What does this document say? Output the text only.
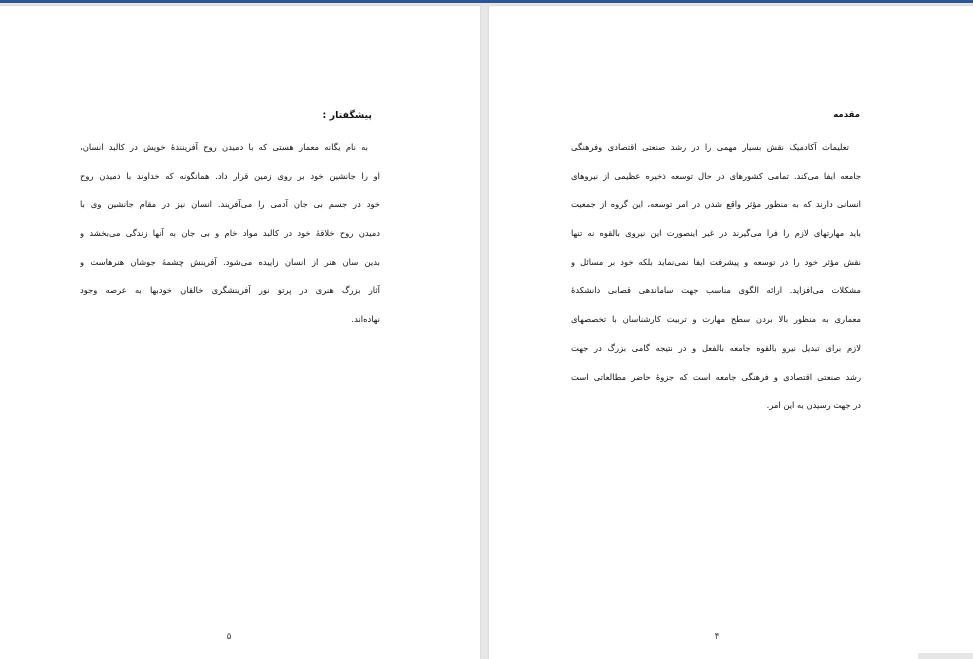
پیشگفتار :
به نام یگانه معمار هستی که با دمیدن روح آفرینندۀ خویش در کالبد انسان،
او را جانشین خود بر روی زمین قرار داد. همانگونه که خداوند با دمیدن روح
خود در جسم بی جان آدمی را می‌آفریند. انسان نیز در مقام جانشین وی با
دمیدن روح خلاقۀ خود در کالبد مواد خام و بی جان به آنها زندگی می‌بخشد و
بدین سان هنر از انسان زاییده می‌شود. آفرینش چشمۀ جوشان هنرهاست و
آثار بزرگ هنری در پرتو نور آفرینشگری خالقان خودبها به عرصه وجود
نهاده‌اند.
۵
مقدمه
تعلیمات آکادمیک نقش بسیار مهمی را در رشد صنعتی اقتصادی وفرهنگی
جامعه ایفا می‌کند. تمامی کشورهای در حال توسعه ذخیره عظیمی از نیروهای
انسانی دارند که به منظور مؤثر واقع شدن در امر توسعه، این گروه از جمعیت
باید مهارتهای لازم را فرا می‌گیرند در غیر اینصورت این نیروی بالقوه نه تنها
نقش مؤثر خود را در توسعه و پیشرفت ایفا نمی‌نماید بلکه خود بر مسائل و
مشکلات می‌افزاید. ارائه الگوی مناسب جهت ساماندهی قصابی دانشکدۀ
معماری به منظور بالا بردن سطح مهارت و تربیت کارشناسان با تخصصهای
لازم برای تبدیل نیرو بالقوه جامعه بالفعل و در نتیجه گامی بزرگ در جهت
رشد صنعتی اقتصادی و فرهنگی جامعه است که جزوۀ حاضر مطالعاتی است
در جهت رسیدن به این امر.
۴
